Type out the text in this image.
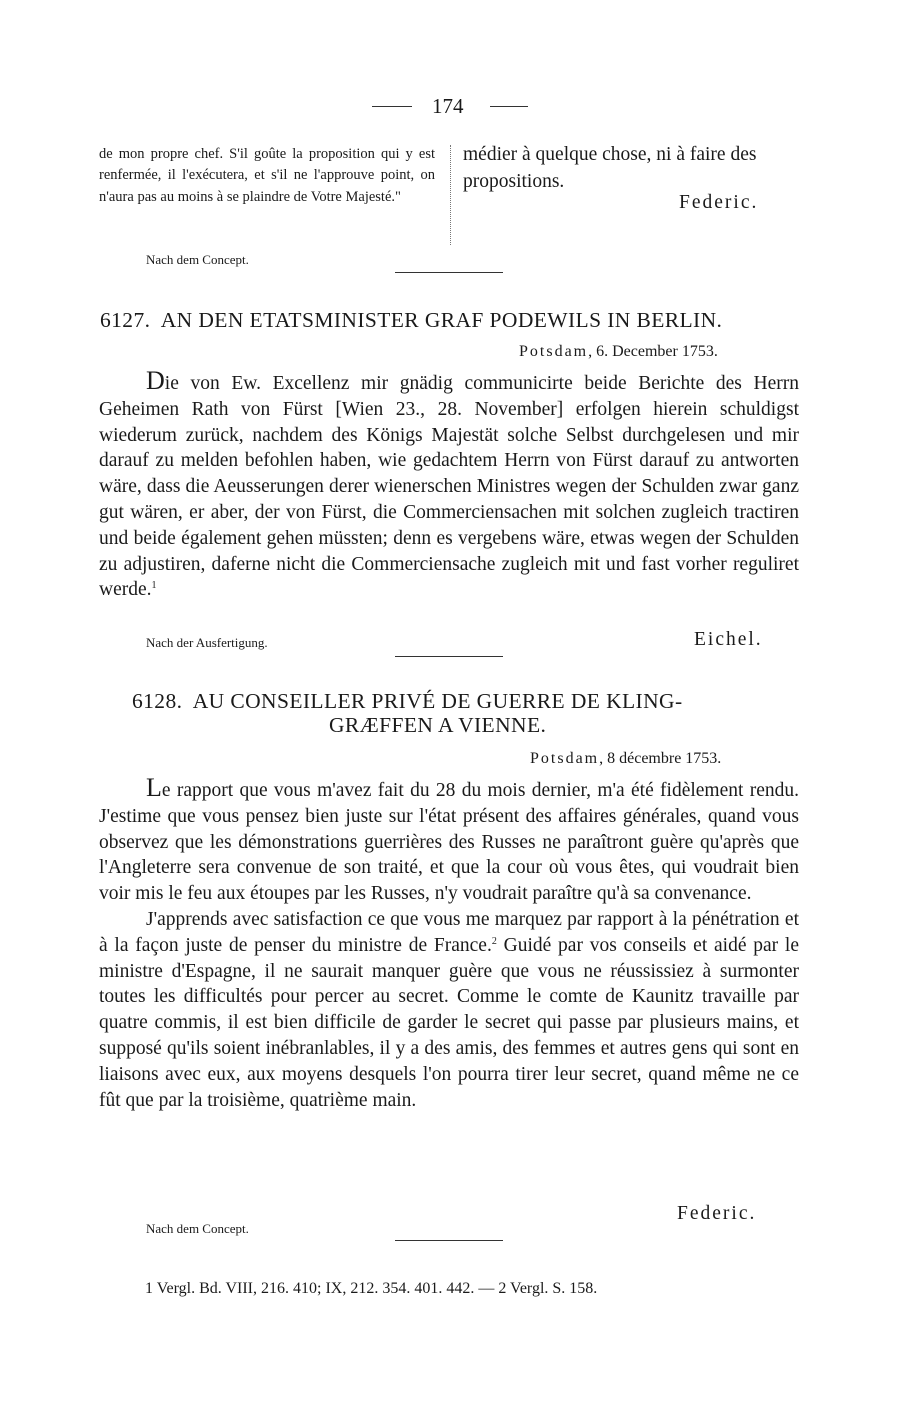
174

de mon propre chef. S'il goûte la proposition qui y est renfermée, il l'exécutera, et s'il ne l'approuve point, on n'aura pas au moins à se plaindre de Votre Majesté."

Nach dem Concept.

médier à quelque chose, ni à faire des propositions.

Federic.
6127. AN DEN ETATSMINISTER GRAF PODEWILS IN BERLIN.
Potsdam, 6. December 1753.

Die von Ew. Excellenz mir gnädig communicirte beide Berichte des Herrn Geheimen Rath von Fürst [Wien 23., 28. November] erfolgen hierein schuldigst wiederum zurück, nachdem des Königs Majestät solche Selbst durchgelesen und mir darauf zu melden befohlen haben, wie gedachtem Herrn von Fürst darauf zu antworten wäre, dass die Aeusserungen derer wienerschen Ministres wegen der Schulden zwar ganz gut wären, er aber, der von Fürst, die Commerciensachen mit solchen zugleich tractiren und beide également gehen müssten; denn es vergebens wäre, etwas wegen der Schulden zu adjustiren, daferne nicht die Commerciensache zugleich mit und fast vorher reguliret werde.$^1$

Nach der Ausfertigung.	Eichel.
6128. AU CONSEILLER PRIVÉ DE GUERRE DE KLING-
GRÆFFEN A VIENNE.
Potsdam, 8 décembre 1753.

Le rapport que vous m'avez fait du 28 du mois dernier, m'a été fidèlement rendu. J'estime que vous pensez bien juste sur l'état présent des affaires générales, quand vous observez que les démonstrations guerrières des Russes ne paraîtront guère qu'après que l'Angleterre sera convenue de son traité, et que la cour où vous êtes, qui voudrait bien voir mis le feu aux étoupes par les Russes, n'y voudrait paraître qu'à sa convenance.

J'apprends avec satisfaction ce que vous me marquez par rapport à la pénétration et à la façon juste de penser du ministre de France.$^2$ Guidé par vos conseils et aidé par le ministre d'Espagne, il ne saurait manquer guère que vous ne réussissiez à surmonter toutes les difficultés pour percer au secret. Comme le comte de Kaunitz travaille par quatre commis, il est bien difficile de garder le secret qui passe par plusieurs mains, et supposé qu'ils soient inébranlables, il y a des amis, des femmes et autres gens qui sont en liaisons avec eux, aux moyens desquels l'on pourra tirer leur secret, quand même ne ce fût que par la troisième, quatrième main.

Nach dem Concept.
Federic.
1 Vergl. Bd. VIII, 216. 410; IX, 212. 354. 401. 442. — 2 Vergl. S. 158.
